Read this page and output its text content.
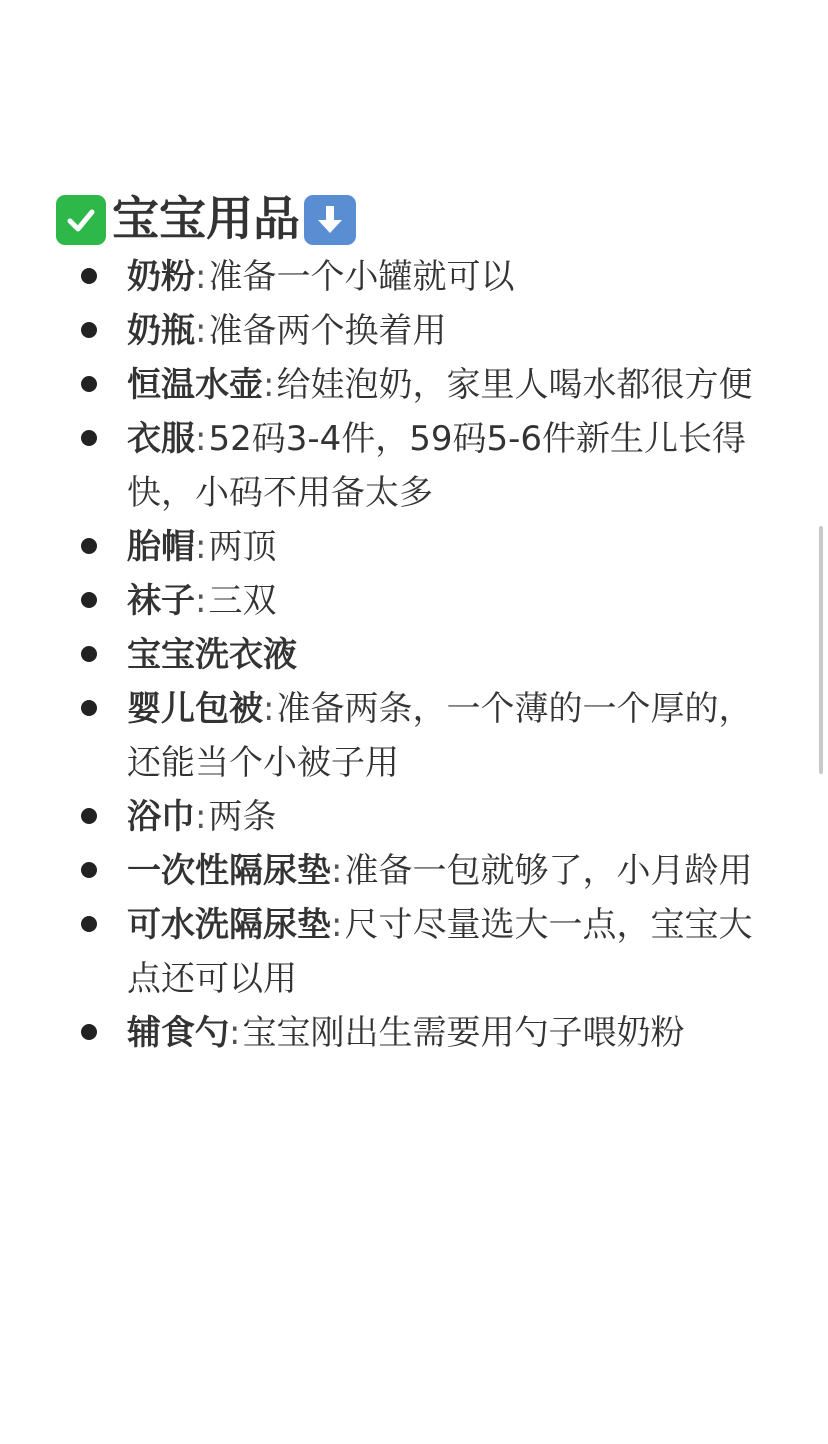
宝宝用品
奶粉:准备一个小罐就可以
奶瓶:准备两个换着用
恒温水壶:给娃泡奶，家里人喝水都很方便
衣服:52码3-4件，59码5-6件新生儿长得快，小码不用备太多
胎帽:两顶
袜子:三双
宝宝洗衣液
婴儿包被:准备两条，一个薄的一个厚的，还能当个小被子用
浴巾:两条
一次性隔尿垫:准备一包就够了，小月龄用
可水洗隔尿垫:尺寸尽量选大一点，宝宝大点还可以用
辅食勺:宝宝刚出生需要用勺子喂奶粉
